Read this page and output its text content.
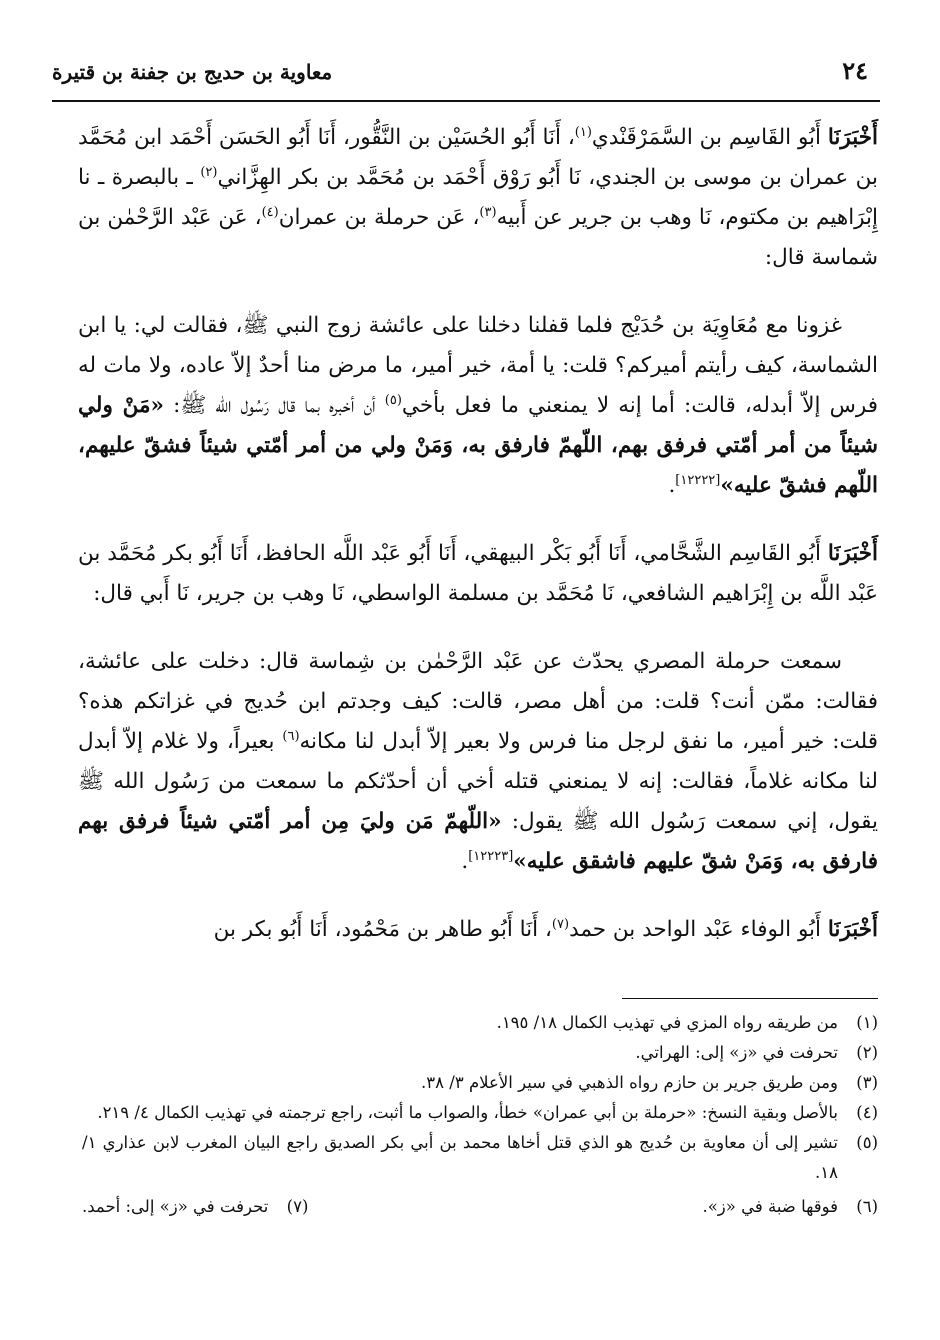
٢٤
معاوية بن حديج بن جفنة بن قتيرة

أَخْبَرَنَا أَبُو القَاسِم بن السَّمَرْقَنْدي$^{(١)}$، أَنَا أَبُو الحُسَيْن بن النَّقُّور، أَنَا أَبُو الحَسَن أَحْمَد ابن مُحَمَّد بن عمران بن موسى بن الجندي، نَا أَبُو رَوْق أَحْمَد بن مُحَمَّد بن بكر الهِزَّاني$^{(٢)}$ ـ بالبصرة ـ نا إِبْرَاهيم بن مكتوم، نَا وهب بن جرير عن أَبيه$^{(٣)}$، عَن حرملة بن عمران$^{(٤)}$، عَن عَبْد الرَّحْمٰن بن شماسة قال:

غزونا مع مُعَاوِيَة بن حُدَيْج فلما قفلنا دخلنا على عائشة زوج النبي ﷺ، فقالت لي: يا ابن الشماسة، كيف رأيتم أميركم؟ قلت: يا أمة، خير أمير، ما مرض منا أحدٌ إلاّ عاده، ولا مات له فرس إلاّ أبدله، قالت: أما إنه لا يمنعني ما فعل بأخي$^{(٥)}$ أن أخبره بما قال رَسُول الله ﷺ: «مَنْ ولي شيئاً من أمر أمّتي فرفق بهم، اللّهمّ فارفق به، وَمَنْ ولي من أمر أمّتي شيئاً فشقّ عليهم، اللّهم فشقّ عليه»[١٢٢٢٢].

أَخْبَرَنَا أَبُو القَاسِم الشَّحَّامي، أَنَا أَبُو بَكْر البيهقي، أَنَا أَبُو عَبْد اللَّه الحافظ، أَنَا أَبُو بكر مُحَمَّد بن عَبْد اللَّه بن إِبْرَاهيم الشافعي، نَا مُحَمَّد بن مسلمة الواسطي، نَا وهب بن جرير، نَا أَبي قال:

سمعت حرملة المصري يحدّث عن عَبْد الرَّحْمٰن بن شِماسة قال: دخلت على عائشة، فقالت: ممّن أنت؟ قلت: من أهل مصر، قالت: كيف وجدتم ابن حُديج في غزاتكم هذه؟ قلت: خير أمير، ما نفق لرجل منا فرس ولا بعير إلاّ أبدل لنا مكانه$^{(٦)}$ بعيراً، ولا غلام إلاّ أبدل لنا مكانه غلاماً، فقالت: إنه لا يمنعني قتله أخي أن أحدّثكم ما سمعت من رَسُول الله ﷺ يقول، إني سمعت رَسُول الله ﷺ يقول: «اللّهمّ مَن وليَ مِن أمر أمّتي شيئاً فرفق بهم فارفق به، وَمَنْ شقّ عليهم فاشقق عليه»[١٢٢٢٣].

أَخْبَرَنَا أَبُو الوفاء عَبْد الواحد بن حمد$^{(٧)}$، أَنَا أَبُو طاهر بن مَحْمُود، أَنَا أَبُو بكر بن

(١)
من طريقه رواه المزي في تهذيب الكمال ١٨/ ١٩٥.
(٢)
تحرفت في «ز» إلى: الهراتي.
(٣)
ومن طريق جرير بن حازم رواه الذهبي في سير الأعلام ٣/ ٣٨.
(٤)
بالأصل وبقية النسخ: «حرملة بن أبي عمران» خطأ، والصواب ما أثبت، راجع ترجمته في تهذيب الكمال ٤/ ٢١٩.
(٥)
تشير إلى أن معاوية بن حُديج هو الذي قتل أخاها محمد بن أبي بكر الصديق راجع البيان المغرب لابن عذاري ١/ ١٨.
(٦)
فوقها ضبة في «ز».
(٧)
تحرفت في «ز» إلى: أحمد.
